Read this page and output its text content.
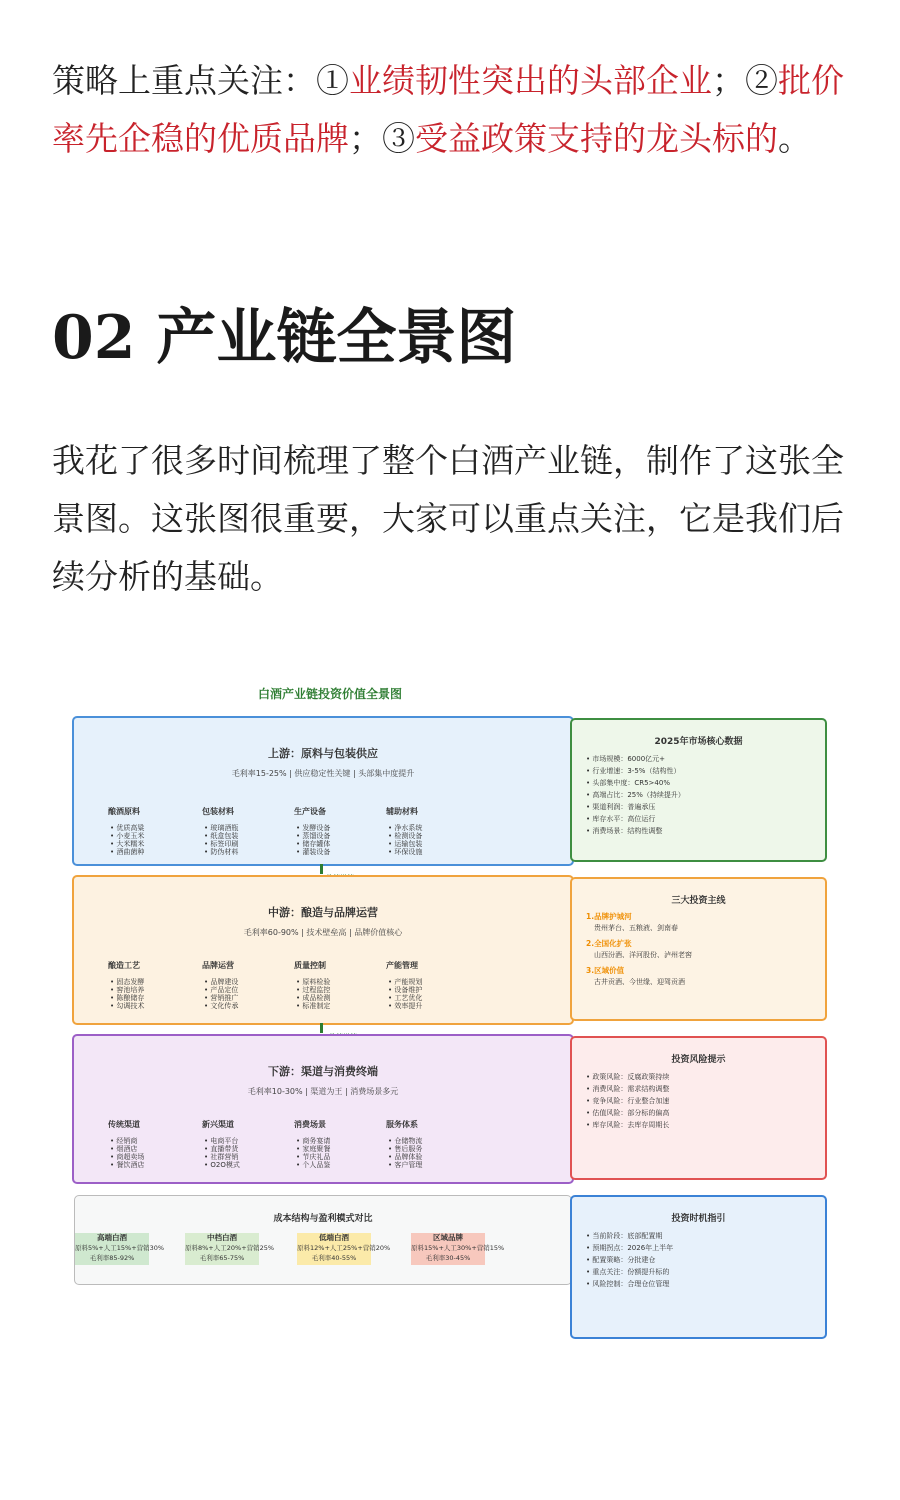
策略上重点关注：①业绩韧性突出的头部企业；②批价率先企稳的优质品牌；③受益政策支持的龙头标的。
02 产业链全景图
我花了很多时间梳理了整个白酒产业链，制作了这张全景图。这张图很重要，大家可以重点关注，它是我们后续分析的基础。
白酒产业链投资价值全景图
上游：原料与包装供应
毛利率15-25% | 供应稳定性关键 | 头部集中度提升
酿酒原料
• 优质高粱
• 小麦玉米
• 大米糯米
• 酒曲菌种
包装材料
• 玻璃酒瓶
• 纸盒包装
• 标签印刷
• 防伪材料
生产设备
• 发酵设备
• 蒸馏设备
• 储存罐体
• 灌装设备
辅助材料
• 净水系统
• 检测设备
• 运输包装
• 环保设施
中游：酿造与品牌运营
毛利率60-90% | 技术壁垒高 | 品牌价值核心
酿造工艺
• 固态发酵
• 窖池培养
• 陈酿储存
• 勾调技术
品牌运营
• 品牌建设
• 产品定位
• 营销推广
• 文化传承
质量控制
• 原料检验
• 过程监控
• 成品检测
• 标准制定
产能管理
• 产能规划
• 设备维护
• 工艺优化
• 效率提升
下游：渠道与消费终端
毛利率10-30% | 渠道为王 | 消费场景多元
传统渠道
• 经销商
• 烟酒店
• 商超卖场
• 餐饮酒店
新兴渠道
• 电商平台
• 直播带货
• 社群营销
• O2O模式
消费场景
• 商务宴请
• 家庭聚餐
• 节庆礼品
• 个人品鉴
服务体系
• 仓储物流
• 售后服务
• 品牌体验
• 客户管理
成本结构与盈利模式对比
高端白酒
原料5%+人工15%+营销30%
毛利率85-92%
中档白酒
原料8%+人工20%+营销25%
毛利率65-75%
低端白酒
原料12%+人工25%+营销20%
毛利率40-55%
区域品牌
原料15%+人工30%+营销15%
毛利率30-45%
2025年市场核心数据
• 市场规模：6000亿元+
• 行业增速：3-5%（结构性）
• 头部集中度：CR5>40%
• 高端占比：25%（持续提升）
• 渠道利润：普遍承压
• 库存水平：高位运行
• 消费场景：结构性调整
三大投资主线
1.品牌护城河
贵州茅台、五粮液、剑南春
2.全国化扩张
山西汾酒、洋河股份、泸州老窖
3.区域价值
古井贡酒、今世缘、迎驾贡酒
投资风险提示
• 政策风险：反腐政策持续
• 消费风险：需求结构调整
• 竞争风险：行业整合加速
• 估值风险：部分标的偏高
• 库存风险：去库存周期长
投资时机指引
• 当前阶段：底部配置期
• 预期拐点：2026年上半年
• 配置策略：分批建仓
• 重点关注：份额提升标的
• 风险控制：合理仓位管理
